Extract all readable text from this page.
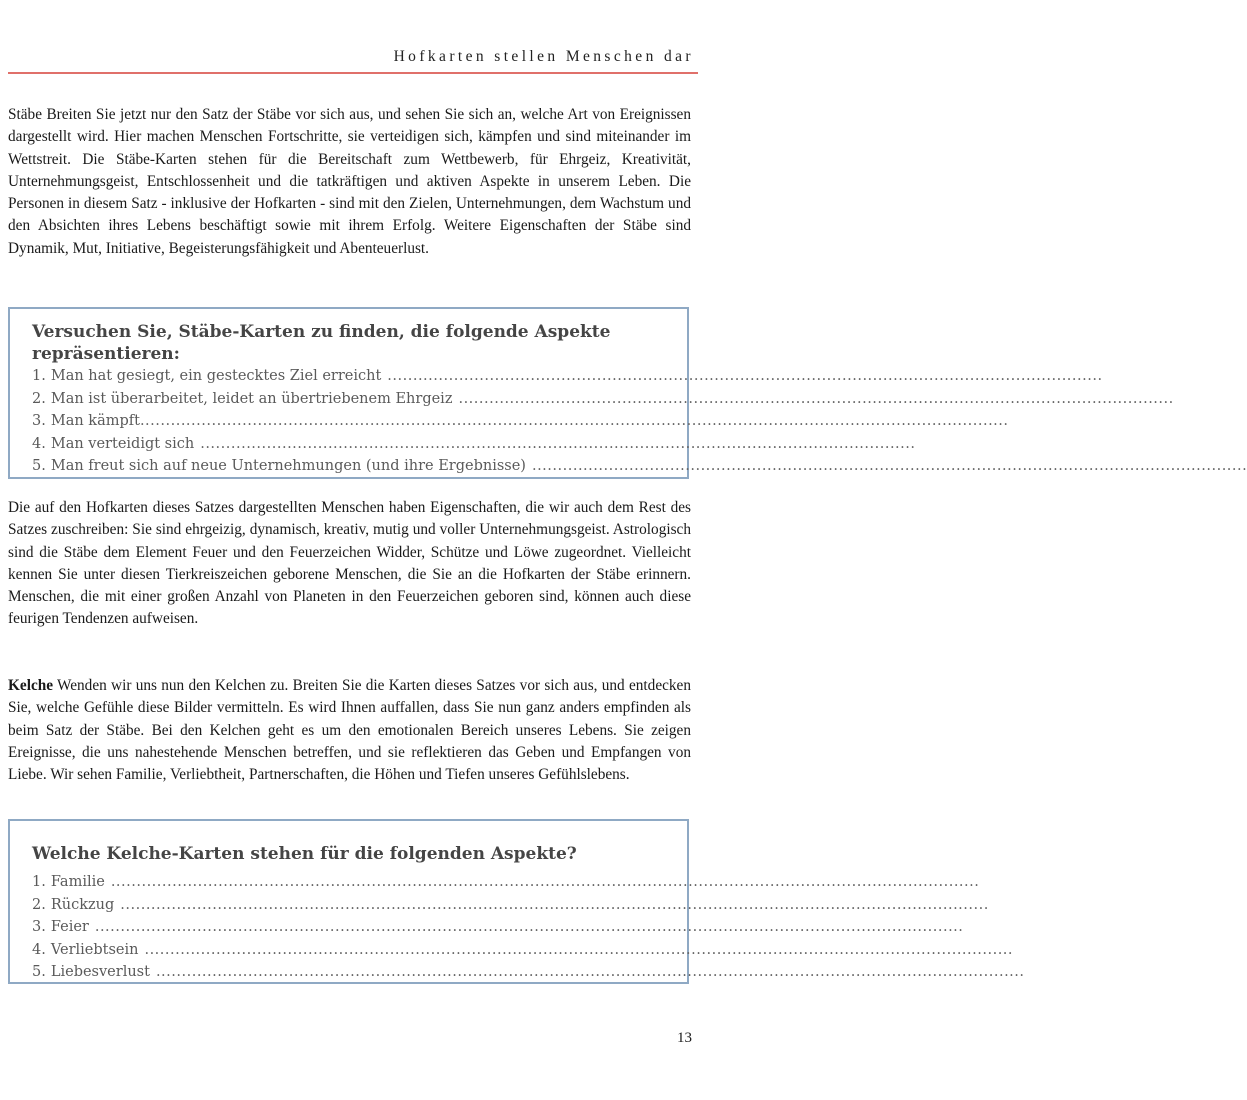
Hofkarten stellen Menschen dar

Stäbe Breiten Sie jetzt nur den Satz der Stäbe vor sich aus, und sehen Sie sich an, welche Art von Ereignissen dargestellt wird. Hier machen Menschen Fortschritte, sie verteidigen sich, kämpfen und sind miteinander im Wettstreit. Die Stäbe-Karten stehen für die Bereitschaft zum Wettbewerb, für Ehrgeiz, Kreativität, Unternehmungsgeist, Entschlossenheit und die tatkräftigen und aktiven Aspekte in unserem Leben. Die Personen in diesem Satz - inklusive der Hofkarten - sind mit den Zielen, Unternehmungen, dem Wachstum und den Absichten ihres Lebens beschäftigt sowie mit ihrem Erfolg. Weitere Eigenschaften der Stäbe sind Dynamik, Mut, Initiative, Begeisterungsfähigkeit und Abenteuerlust.

Versuchen Sie, Stäbe-Karten zu finden, die folgende Aspekte repräsentieren:

1. Man hat gesiegt, ein gestecktes Ziel erreicht ............................................................................................................................................
2. Man ist überarbeitet, leidet an übertriebenem Ehrgeiz ............................................................................................................................................
3. Man kämpft ..........................................................................................................................................................................
4. Man verteidigt sich ............................................................................................................................................
5. Man freut sich auf neue Unternehmungen (und ihre Ergebnisse) ............................................................................................................................................

Die auf den Hofkarten dieses Satzes dargestellten Menschen haben Eigenschaften, die wir auch dem Rest des Satzes zuschreiben: Sie sind ehrgeizig, dynamisch, kreativ, mutig und voller Unternehmungsgeist. Astrologisch sind die Stäbe dem Element Feuer und den Feuerzeichen Widder, Schütze und Löwe zugeordnet. Vielleicht kennen Sie unter diesen Tierkreiszeichen geborene Menschen, die Sie an die Hofkarten der Stäbe erinnern. Menschen, die mit einer großen Anzahl von Planeten in den Feuerzeichen geboren sind, können auch diese feurigen Tendenzen aufweisen.

Kelche Wenden wir uns nun den Kelchen zu. Breiten Sie die Karten dieses Satzes vor sich aus, und entdecken Sie, welche Gefühle diese Bilder vermitteln. Es wird Ihnen auffallen, dass Sie nun ganz anders empfinden als beim Satz der Stäbe. Bei den Kelchen geht es um den emotionalen Bereich unseres Lebens. Sie zeigen Ereignisse, die uns nahestehende Menschen betreffen, und sie reflektieren das Geben und Empfangen von Liebe. Wir sehen Familie, Verliebtheit, Partnerschaften, die Höhen und Tiefen unseres Gefühlslebens.

Welche Kelche-Karten stehen für die folgenden Aspekte?

1. Familie ..........................................................................................................................................................................
2. Rückzug ..........................................................................................................................................................................
3. Feier ..........................................................................................................................................................................
4. Verliebtsein ..........................................................................................................................................................................
5. Liebesverlust ..........................................................................................................................................................................
13
